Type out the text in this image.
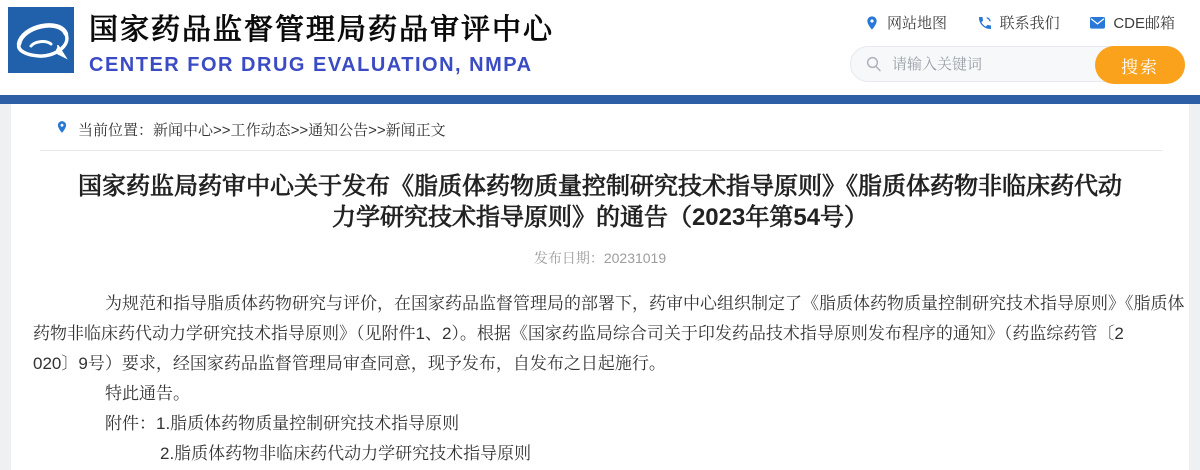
国家药品监督管理局药品审评中心
CENTER FOR DRUG EVALUATION, NMPA
网站地图	联系我们	CDE邮箱
请输入关键词
搜索
当前位置：新闻中心>>工作动态>>通知公告>>新闻正文
国家药监局药审中心关于发布《脂质体药物质量控制研究技术指导原则》《脂质体药物非临床药代动
力学研究技术指导原则》的通告（2023年第54号）
发布日期：20231019
为规范和指导脂质体药物研究与评价，在国家药品监督管理局的部署下，药审中心组织制定了《脂质体药物质量控制研究技术指导原则》《脂质体
药物非临床药代动力学研究技术指导原则》（见附件1、2）。根据《国家药监局综合司关于印发药品技术指导原则发布程序的通知》（药监综药管〔2
020〕9号）要求，经国家药品监督管理局审查同意，现予发布，自发布之日起施行。
特此通告。
附件：1.脂质体药物质量控制研究技术指导原则
2.脂质体药物非临床药代动力学研究技术指导原则
